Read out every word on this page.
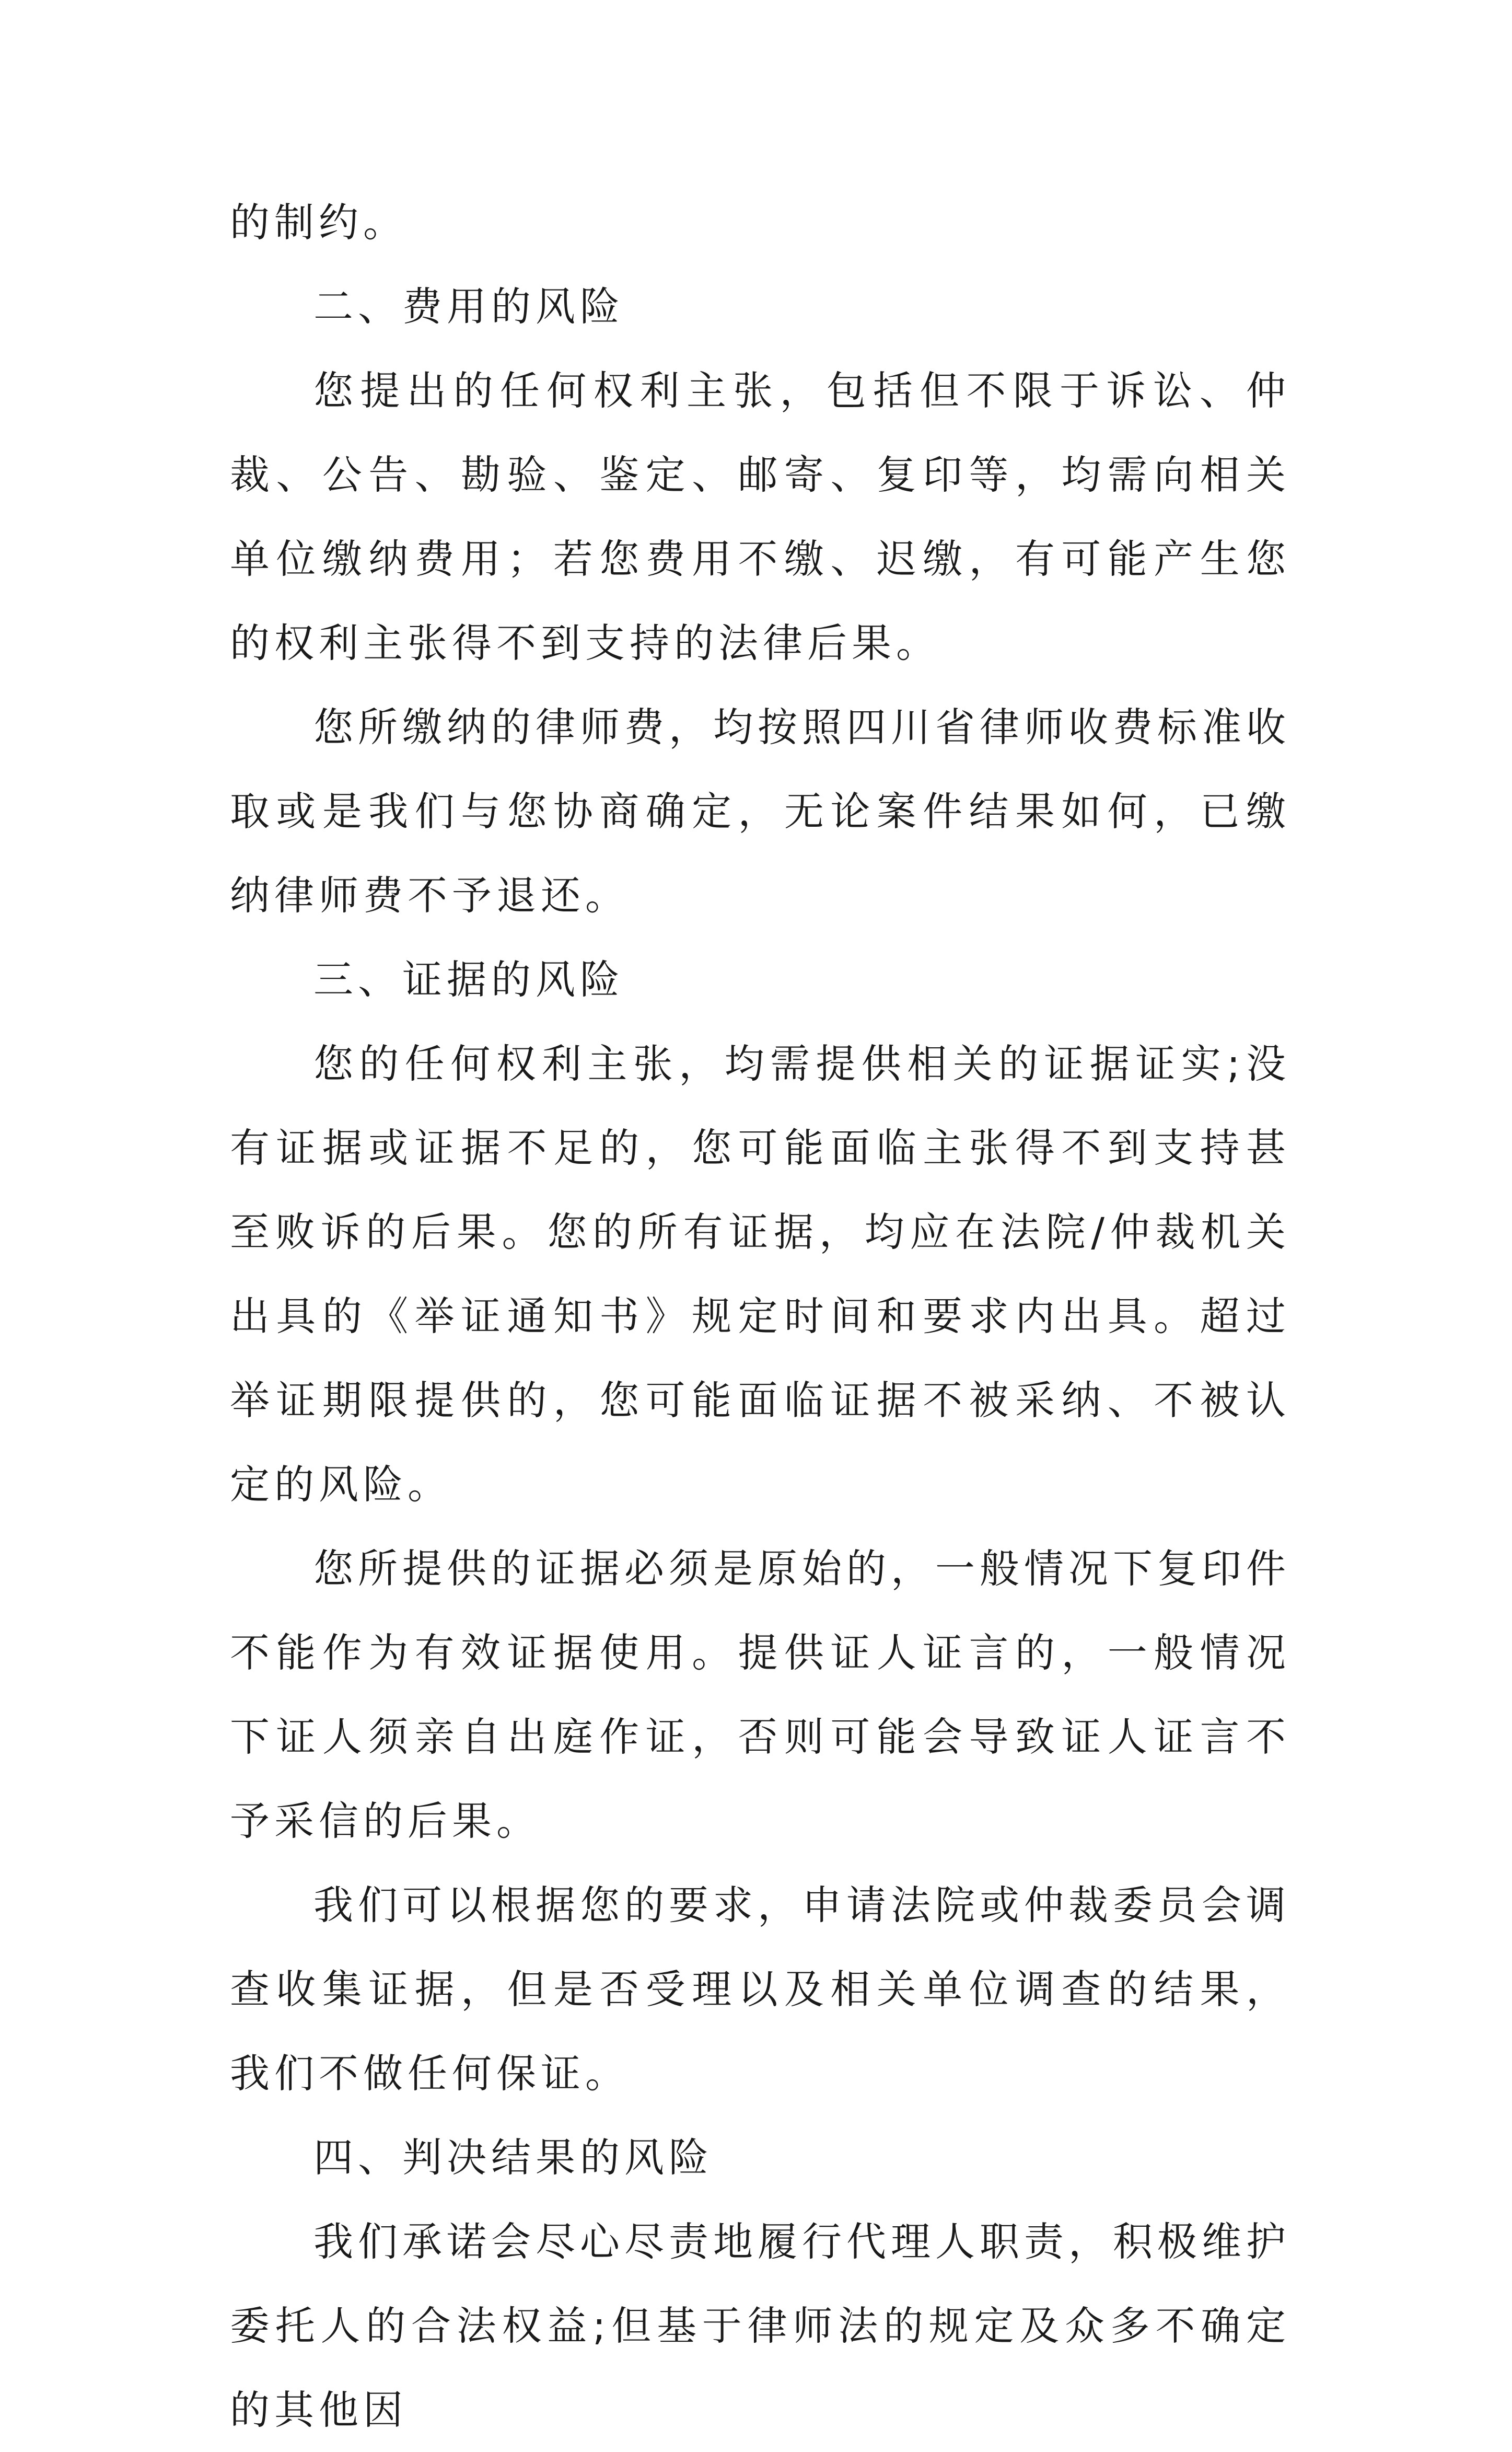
的制约。

二、费用的风险

您提出的任何权利主张，包括但不限于诉讼、仲裁、公告、勘验、鉴定、邮寄、复印等，均需向相关单位缴纳费用；若您费用不缴、迟缴，有可能产生您的权利主张得不到支持的法律后果。

您所缴纳的律师费，均按照四川省律师收费标准收取或是我们与您协商确定，无论案件结果如何，已缴纳律师费不予退还。

三、证据的风险

您的任何权利主张，均需提供相关的证据证实;没有证据或证据不足的，您可能面临主张得不到支持甚至败诉的后果。您的所有证据，均应在法院/仲裁机关出具的《举证通知书》规定时间和要求内出具。超过举证期限提供的，您可能面临证据不被采纳、不被认定的风险。

您所提供的证据必须是原始的，一般情况下复印件不能作为有效证据使用。提供证人证言的，一般情况下证人须亲自出庭作证，否则可能会导致证人证言不予采信的后果。

我们可以根据您的要求，申请法院或仲裁委员会调查收集证据，但是否受理以及相关单位调查的结果，我们不做任何保证。

四、判决结果的风险

我们承诺会尽心尽责地履行代理人职责，积极维护委托人的合法权益;但基于律师法的规定及众多不确定的其他因
